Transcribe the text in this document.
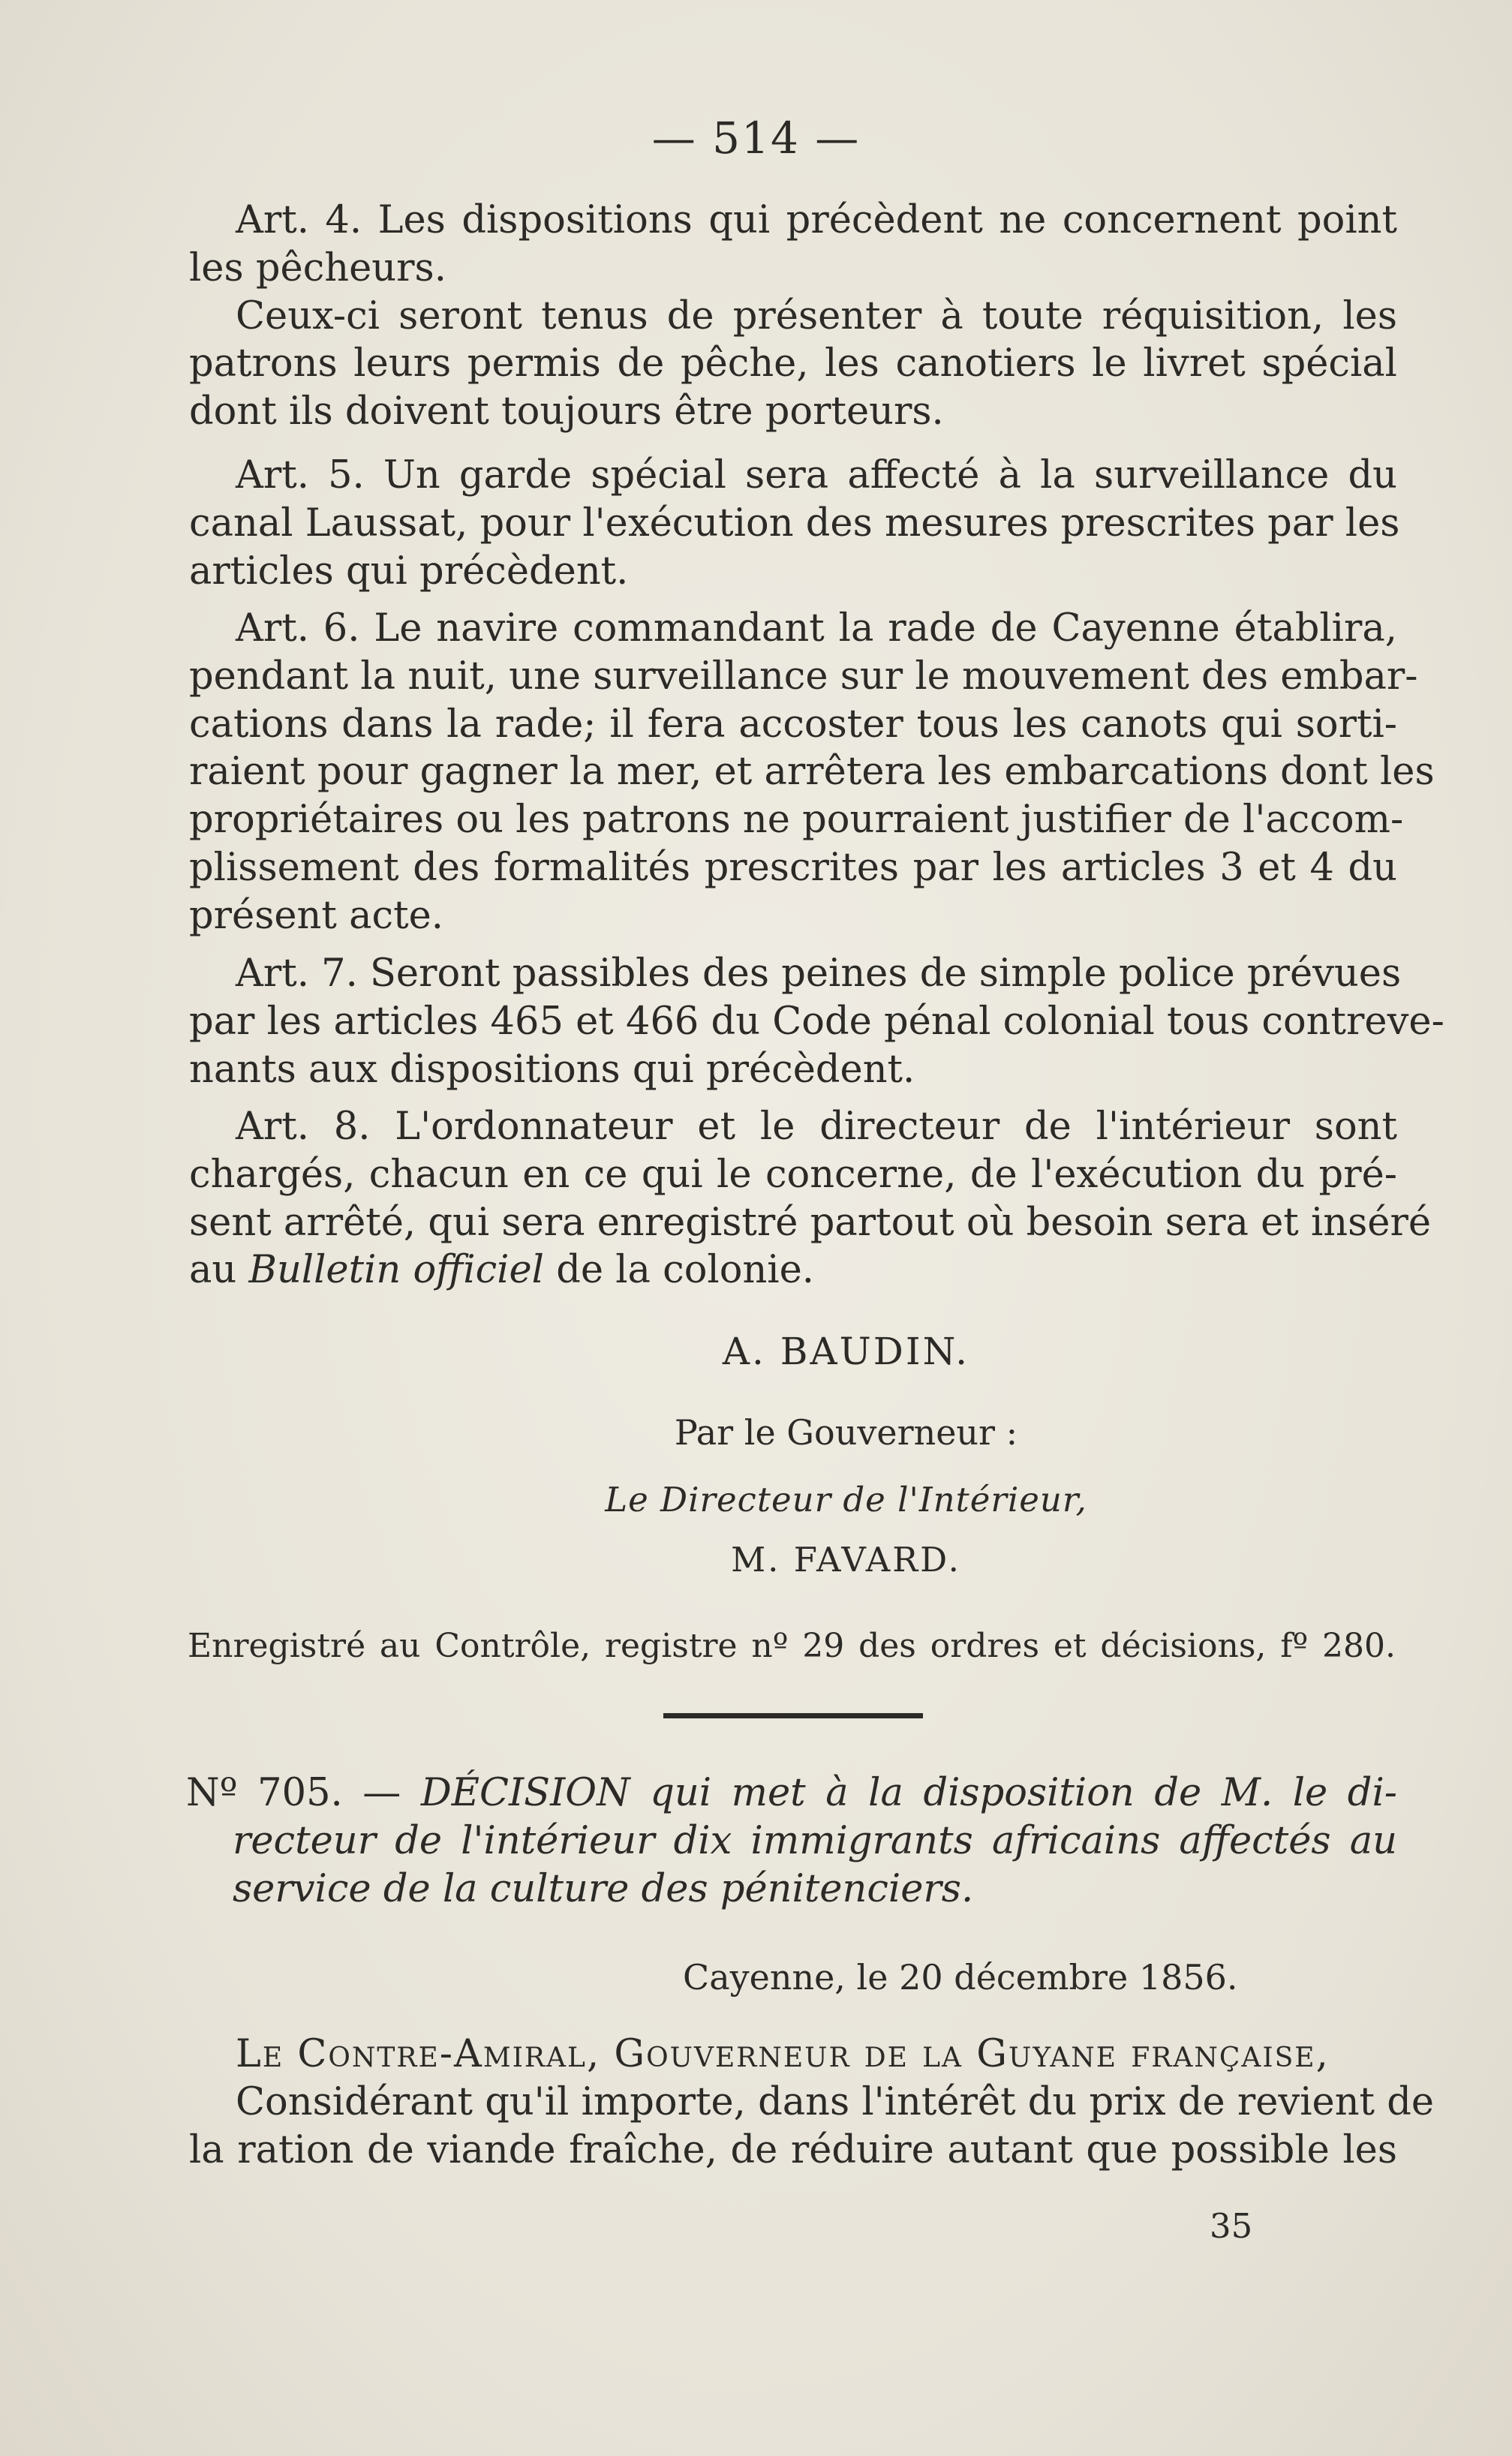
— 514 —
Art. 4. Les dispositions qui précèdent ne concernent point
les pêcheurs.
Ceux-ci seront tenus de présenter à toute réquisition, les
patrons leurs permis de pêche, les canotiers le livret spécial
dont ils doivent toujours être porteurs.
Art. 5. Un garde spécial sera affecté à la surveillance du
canal Laussat, pour l'exécution des mesures prescrites par les
articles qui précèdent.
Art. 6. Le navire commandant la rade de Cayenne établira,
pendant la nuit, une surveillance sur le mouvement des embar-
cations dans la rade; il fera accoster tous les canots qui sorti-
raient pour gagner la mer, et arrêtera les embarcations dont les
propriétaires ou les patrons ne pourraient justifier de l'accom-
plissement des formalités prescrites par les articles 3 et 4 du
présent acte.
Art. 7. Seront passibles des peines de simple police prévues
par les articles 465 et 466 du Code pénal colonial tous contreve-
nants aux dispositions qui précèdent.
Art. 8. L'ordonnateur et le directeur de l'intérieur sont
chargés, chacun en ce qui le concerne, de l'exécution du pré-
sent arrêté, qui sera enregistré partout où besoin sera et inséré
au Bulletin officiel de la colonie.
A. BAUDIN.
Par le Gouverneur :
Le Directeur de l'Intérieur,
M. FAVARD.
Enregistré au Contrôle, registre nº 29 des ordres et décisions, fº 280.
Nº 705. — DÉCISION qui met à la disposition de M. le di-
recteur de l'intérieur dix immigrants africains affectés au
service de la culture des pénitenciers.
Cayenne, le 20 décembre 1856.
Le Contre-Amiral, Gouverneur de la Guyane française,
Considérant qu'il importe, dans l'intérêt du prix de revient de
la ration de viande fraîche, de réduire autant que possible les
35
